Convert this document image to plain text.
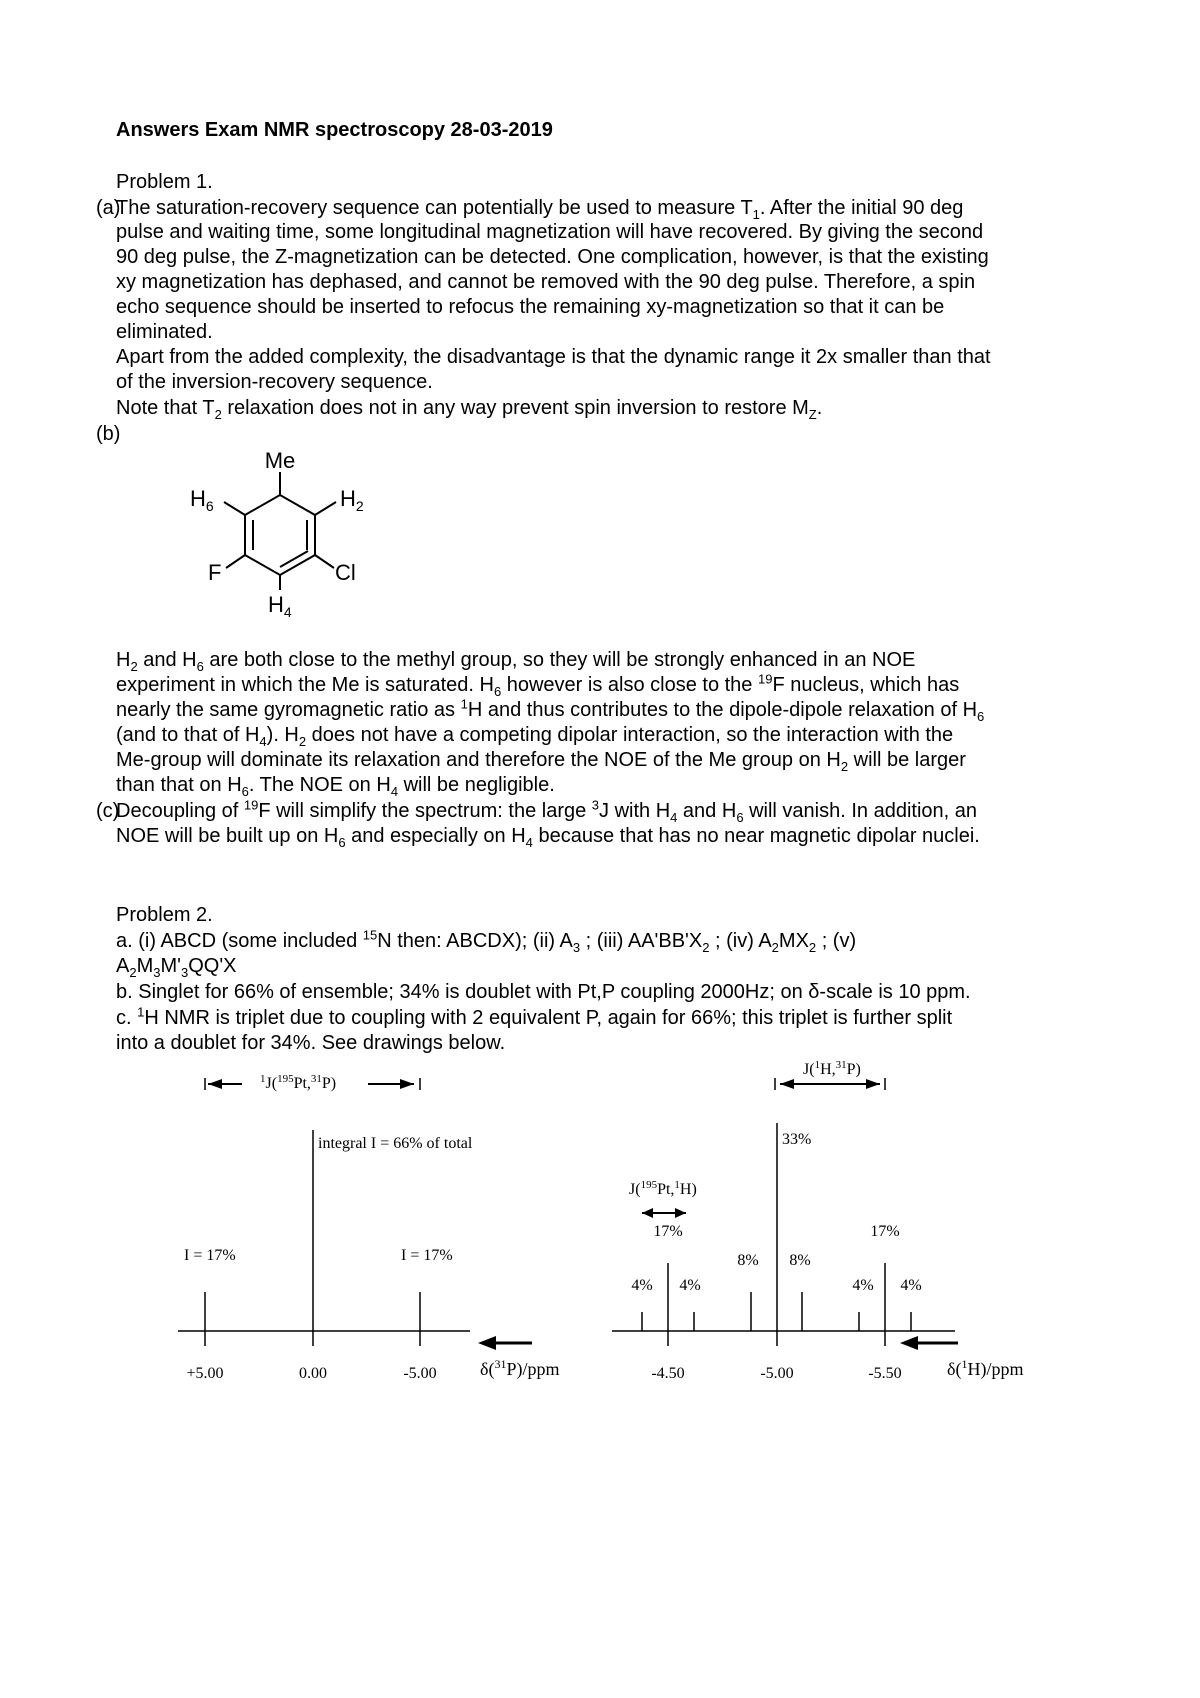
Answers Exam NMR spectroscopy 28-03-2019
Problem 1.
(a)
The saturation-recovery sequence can potentially be used to measure $T_1$. After the initial 90 deg
pulse and waiting time, some longitudinal magnetization will have recovered. By giving the second
90 deg pulse, the Z-magnetization can be detected. One complication, however, is that the existing
xy magnetization has dephased, and cannot be removed with the 90 deg pulse. Therefore, a spin
echo sequence should be inserted to refocus the remaining xy-magnetization so that it can be
eliminated.
Apart from the added complexity, the disadvantage is that the dynamic range it 2x smaller than that
of the inversion-recovery sequence.
Note that $T_2$ relaxation does not in any way prevent spin inversion to restore $M_Z$.
(b)
Me
$H_6$	$H_2$
F	Cl
$H_4$
$H_2$ and $H_6$ are both close to the methyl group, so they will be strongly enhanced in an NOE
experiment in which the Me is saturated. $H_6$ however is also close to the $^{19}$F nucleus, which has
nearly the same gyromagnetic ratio as $^1$H and thus contributes to the dipole-dipole relaxation of $H_6$
(and to that of $H_4$). $H_2$ does not have a competing dipolar interaction, so the interaction with the
Me-group will dominate its relaxation and therefore the NOE of the Me group on $H_2$ will be larger
than that on $H_6$. The NOE on $H_4$ will be negligible.
(c)
Decoupling of $^{19}$F will simplify the spectrum: the large $^3$J with $H_4$ and $H_6$ will vanish. In addition, an
NOE will be built up on $H_6$ and especially on $H_4$ because that has no near magnetic dipolar nuclei.
Problem 2.
a. (i) ABCD (some included $^{15}$N then: ABCDX); (ii) $A_3$ ; (iii) $AA'BB'X_2$ ; (iv) $A_2MX_2$ ; (v)
$A_2M_3M'_3QQ'X$
b. Singlet for 66% of ensemble; 34% is doublet with Pt,P coupling 2000Hz; on δ-scale is 10 ppm.
c. $^1$H NMR is triplet due to coupling with 2 equivalent P, again for 66%; this triplet is further split
into a doublet for 34%. See drawings below.
$^1$J($^{195}$Pt,$^{31}$P)
integral I = 66% of total
I = 17%	I = 17%
+5.00	0.00	-5.00 δ($^{31}$P)/ppm
J($^1$H,$^{31}$P)
J($^{195}$Pt,$^1$H)
33%
17%	17%
8% 8%
4% 4%	4% 4%
-4.50	-5.00	-5.50	δ($^1$H)/ppm
